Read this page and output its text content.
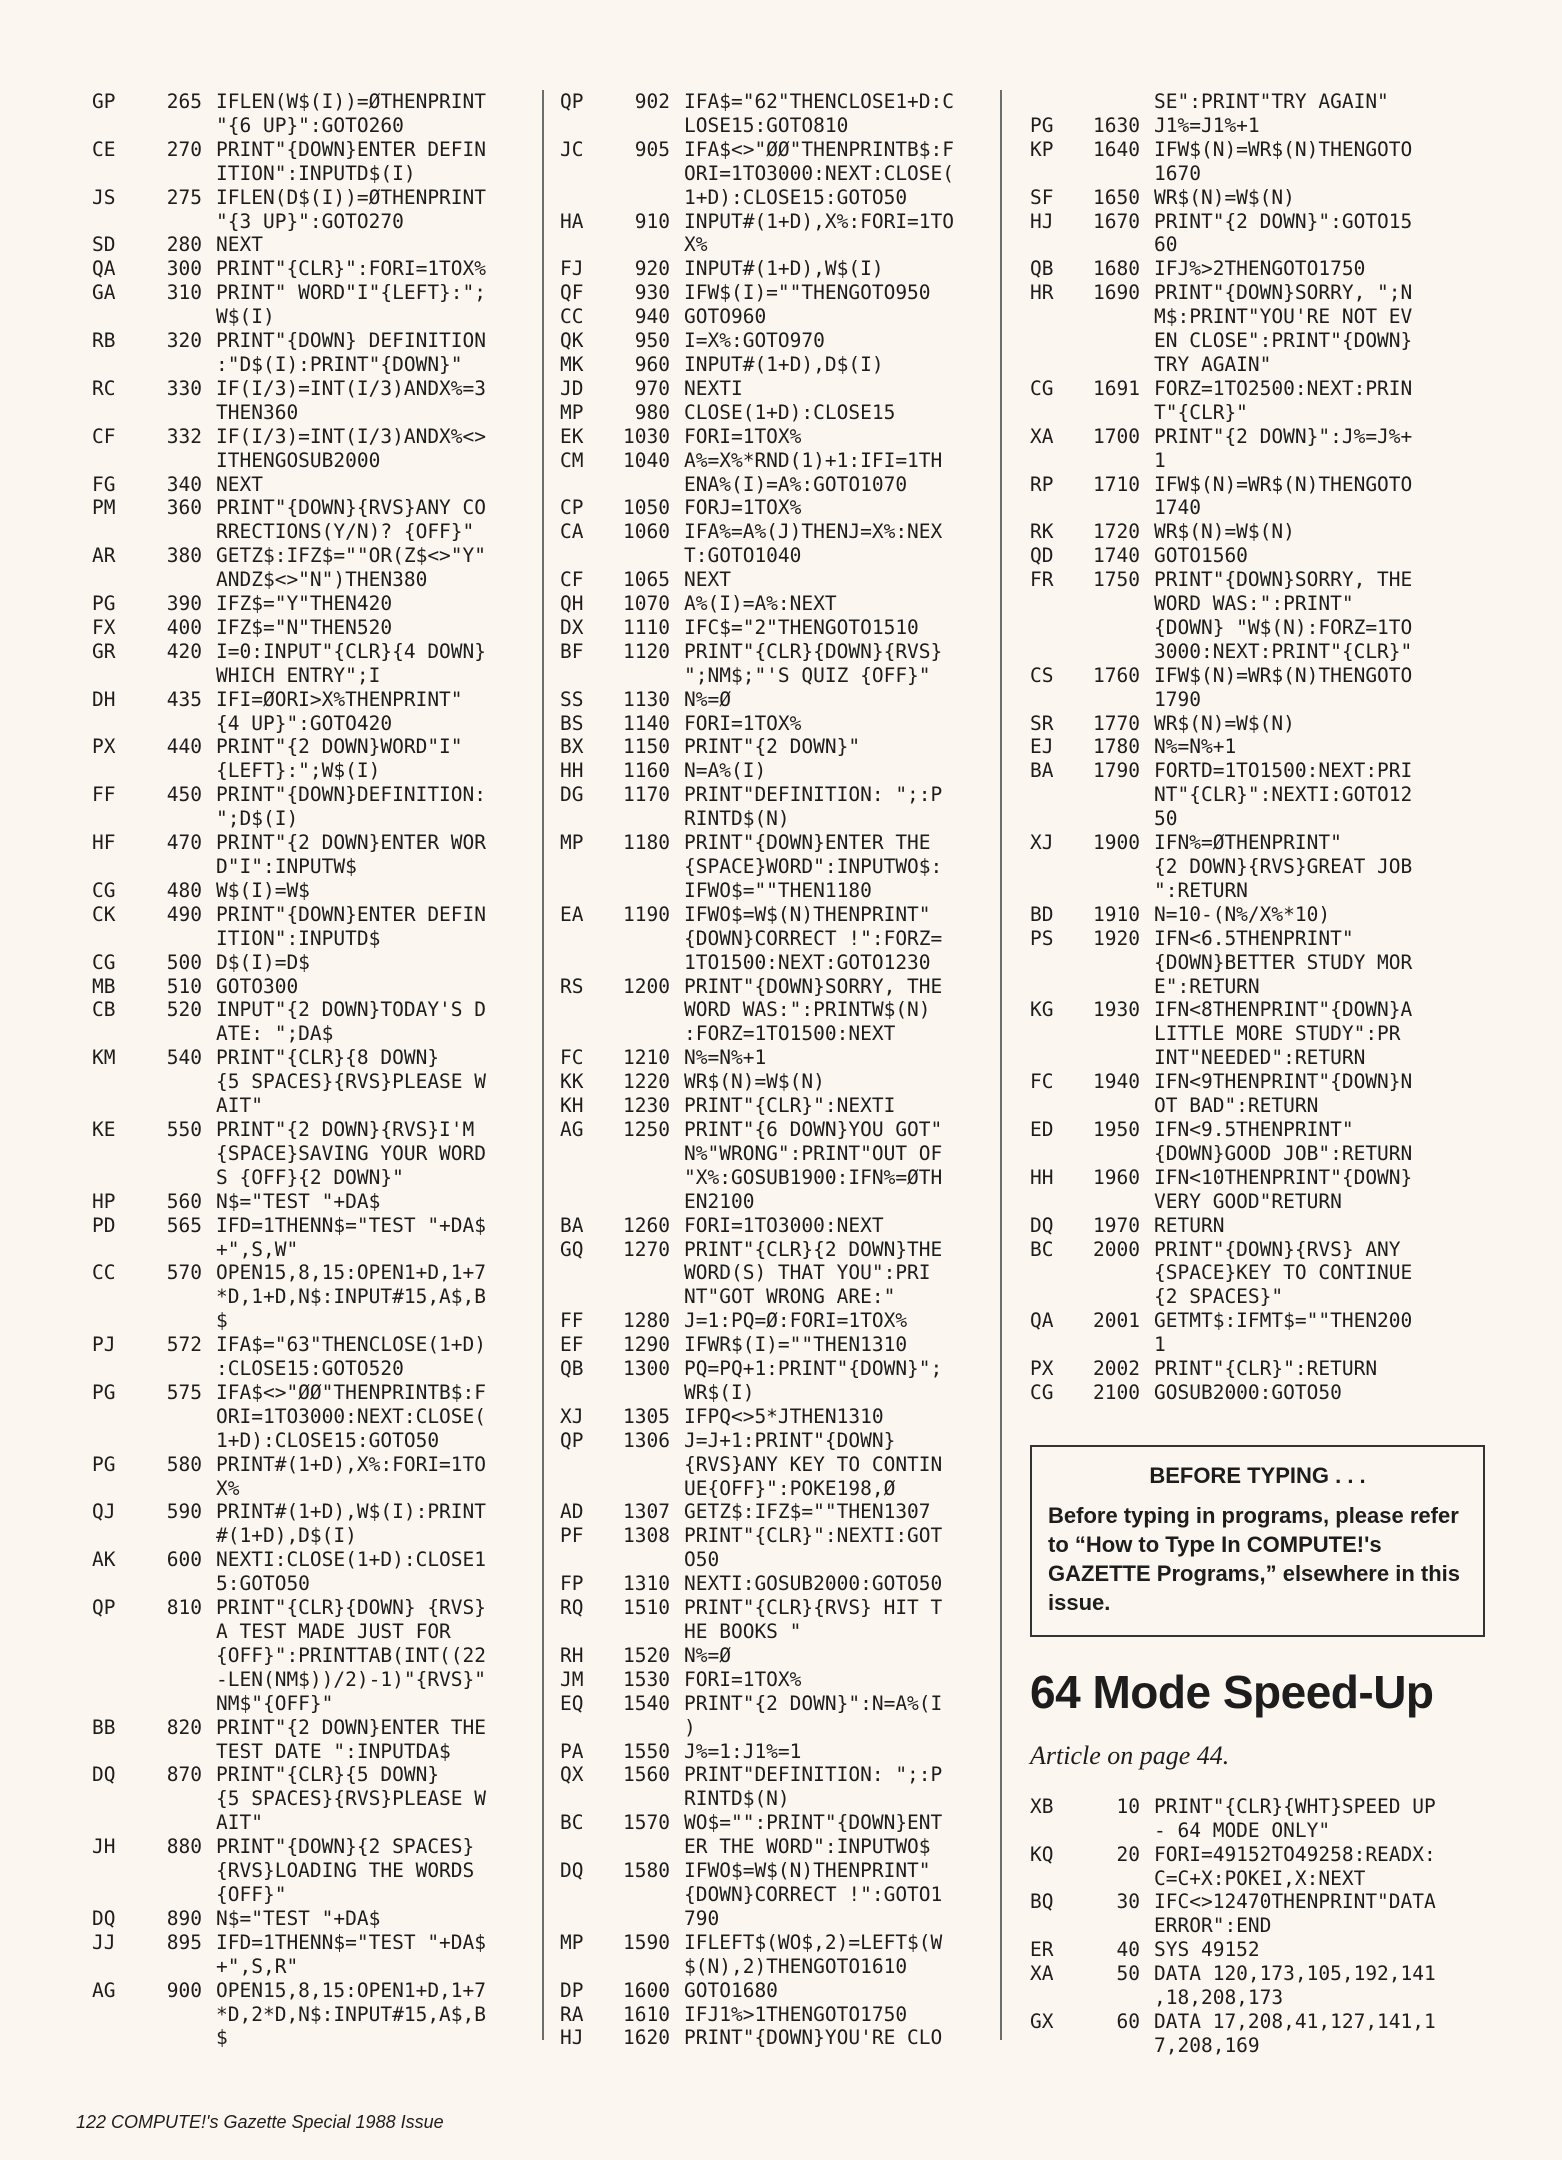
GP	265 IFLEN(W$(I))=ØTHENPRINT
"{6 UP}":GOTO260
CE	270 PRINT"{DOWN}ENTER DEFIN
ITION":INPUTD$(I)
JS	275 IFLEN(D$(I))=ØTHENPRINT
"{3 UP}":GOTO270
SD	280 NEXT
QA	300 PRINT"{CLR}":FORI=1TOX%
GA	310 PRINT" WORD"I"{LEFT}:";
W$(I)
RB	320 PRINT"{DOWN} DEFINITION
:"D$(I):PRINT"{DOWN}"
RC	330 IF(I/3)=INT(I/3)ANDX%=3
THEN360
CF	332 IF(I/3)=INT(I/3)ANDX%<>
ITHENGOSUB2000
FG	340 NEXT
PM	360 PRINT"{DOWN}{RVS}ANY CO
RRECTIONS(Y/N)? {OFF}"
AR	380 GETZ$:IFZ$=""OR(Z$<>"Y"
ANDZ$<>"N")THEN380
PG	390 IFZ$="Y"THEN420
FX	400 IFZ$="N"THEN520
GR	420 I=0:INPUT"{CLR}{4 DOWN}
WHICH ENTRY";I
DH	435 IFI=ØORI>X%THENPRINT"
{4 UP}":GOTO420
PX	440 PRINT"{2 DOWN}WORD"I"
{LEFT}:";W$(I)
FF	450 PRINT"{DOWN}DEFINITION:
";D$(I)
HF	470 PRINT"{2 DOWN}ENTER WOR
D"I":INPUTW$
CG	480 W$(I)=W$
CK	490 PRINT"{DOWN}ENTER DEFIN
ITION":INPUTD$
CG	500 D$(I)=D$
MB	510 GOTO300
CB	520 INPUT"{2 DOWN}TODAY'S D
ATE: ";DA$
KM	540 PRINT"{CLR}{8 DOWN}
{5 SPACES}{RVS}PLEASE W
AIT"
KE	550 PRINT"{2 DOWN}{RVS}I'M
{SPACE}SAVING YOUR WORD
S {OFF}{2 DOWN}"
HP	560 N$="TEST "+DA$
PD	565 IFD=1THENN$="TEST "+DA$
+",S,W"
CC	570 OPEN15,8,15:OPEN1+D,1+7
*D,1+D,N$:INPUT#15,A$,B
$
PJ	572 IFA$="63"THENCLOSE(1+D)
:CLOSE15:GOTO520
PG	575 IFA$<>"ØØ"THENPRINTB$:F
ORI=1TO3000:NEXT:CLOSE(
1+D):CLOSE15:GOTO50
PG	580 PRINT#(1+D),X%:FORI=1TO
X%
QJ	590 PRINT#(1+D),W$(I):PRINT
#(1+D),D$(I)
AK	600 NEXTI:CLOSE(1+D):CLOSE1
5:GOTO50
QP	810 PRINT"{CLR}{DOWN} {RVS}
A TEST MADE JUST FOR
{OFF}":PRINTTAB(INT((22
-LEN(NM$))/2)-1)"{RVS}"
NM$"{OFF}"
BB	820 PRINT"{2 DOWN}ENTER THE
TEST DATE ":INPUTDA$
DQ	870 PRINT"{CLR}{5 DOWN}
{5 SPACES}{RVS}PLEASE W
AIT"
JH	880 PRINT"{DOWN}{2 SPACES}
{RVS}LOADING THE WORDS
{OFF}"
DQ	890 N$="TEST "+DA$
JJ	895 IFD=1THENN$="TEST "+DA$
+",S,R"
AG	900 OPEN15,8,15:OPEN1+D,1+7
*D,2*D,N$:INPUT#15,A$,B
$
QP	902 IFA$="62"THENCLOSE1+D:C
LOSE15:GOTO810
JC	905 IFA$<>"ØØ"THENPRINTB$:F
ORI=1TO3000:NEXT:CLOSE(
1+D):CLOSE15:GOTO50
HA	910 INPUT#(1+D),X%:FORI=1TO
X%
FJ	920 INPUT#(1+D),W$(I)
QF	930 IFW$(I)=""THENGOTO950
CC	940 GOTO960
QK	950 I=X%:GOTO970
MK	960 INPUT#(1+D),D$(I)
JD	970 NEXTI
MP	980 CLOSE(1+D):CLOSE15
EK	1030 FORI=1TOX%
CM	1040 A%=X%*RND(1)+1:IFI=1TH
ENA%(I)=A%:GOTO1070
CP	1050 FORJ=1TOX%
CA	1060 IFA%=A%(J)THENJ=X%:NEX
T:GOTO1040
CF	1065 NEXT
QH	1070 A%(I)=A%:NEXT
DX	1110 IFC$="2"THENGOTO1510
BF	1120 PRINT"{CLR}{DOWN}{RVS}
";NM$;"'S QUIZ {OFF}"
SS	1130 N%=Ø
BS	1140 FORI=1TOX%
BX	1150 PRINT"{2 DOWN}"
HH	1160 N=A%(I)
DG	1170 PRINT"DEFINITION: ";:P
RINTD$(N)
MP	1180 PRINT"{DOWN}ENTER THE
{SPACE}WORD":INPUTWO$:
IFWO$=""THEN1180
EA	1190 IFWO$=W$(N)THENPRINT"
{DOWN}CORRECT !":FORZ=
1TO1500:NEXT:GOTO1230
RS	1200 PRINT"{DOWN}SORRY, THE
WORD WAS:":PRINTW$(N)
:FORZ=1TO1500:NEXT
FC	1210 N%=N%+1
KK	1220 WR$(N)=W$(N)
KH	1230 PRINT"{CLR}":NEXTI
AG	1250 PRINT"{6 DOWN}YOU GOT"
N%"WRONG":PRINT"OUT OF
"X%:GOSUB1900:IFN%=ØTH
EN2100
BA	1260 FORI=1TO3000:NEXT
GQ	1270 PRINT"{CLR}{2 DOWN}THE
WORD(S) THAT YOU":PRI
NT"GOT WRONG ARE:"
FF	1280 J=1:PQ=Ø:FORI=1TOX%
EF	1290 IFWR$(I)=""THEN1310
QB	1300 PQ=PQ+1:PRINT"{DOWN}";
WR$(I)
XJ	1305 IFPQ<>5*JTHEN1310
QP	1306 J=J+1:PRINT"{DOWN}
{RVS}ANY KEY TO CONTIN
UE{OFF}":POKE198,Ø
AD	1307 GETZ$:IFZ$=""THEN1307
PF	1308 PRINT"{CLR}":NEXTI:GOT
O50
FP	1310 NEXTI:GOSUB2000:GOTO50
RQ	1510 PRINT"{CLR}{RVS} HIT T
HE BOOKS "
RH	1520 N%=Ø
JM	1530 FORI=1TOX%
EQ	1540 PRINT"{2 DOWN}":N=A%(I
)
PA	1550 J%=1:J1%=1
QX	1560 PRINT"DEFINITION: ";:P
RINTD$(N)
BC	1570 WO$="":PRINT"{DOWN}ENT
ER THE WORD":INPUTWO$
DQ	1580 IFWO$=W$(N)THENPRINT"
{DOWN}CORRECT !":GOTO1
790
MP	1590 IFLEFT$(WO$,2)=LEFT$(W
$(N),2)THENGOTO1610
DP	1600 GOTO1680
RA	1610 IFJ1%>1THENGOTO1750
HJ	1620 PRINT"{DOWN}YOU'RE CLO
SE":PRINT"TRY AGAIN"
PG	1630 J1%=J1%+1
KP	1640 IFW$(N)=WR$(N)THENGOTO
1670
SF	1650 WR$(N)=W$(N)
HJ	1670 PRINT"{2 DOWN}":GOTO15
60
QB	1680 IFJ%>2THENGOTO1750
HR	1690 PRINT"{DOWN}SORRY, ";N
M$:PRINT"YOU'RE NOT EV
EN CLOSE":PRINT"{DOWN}
TRY AGAIN"
CG	1691 FORZ=1TO2500:NEXT:PRIN
T"{CLR}"
XA	1700 PRINT"{2 DOWN}":J%=J%+
1
RP	1710 IFW$(N)=WR$(N)THENGOTO
1740
RK	1720 WR$(N)=W$(N)
QD	1740 GOTO1560
FR	1750 PRINT"{DOWN}SORRY, THE
WORD WAS:":PRINT"
{DOWN} "W$(N):FORZ=1TO
3000:NEXT:PRINT"{CLR}"
CS	1760 IFW$(N)=WR$(N)THENGOTO
1790
SR	1770 WR$(N)=W$(N)
EJ	1780 N%=N%+1
BA	1790 FORTD=1TO1500:NEXT:PRI
NT"{CLR}":NEXTI:GOTO12
50
XJ	1900 IFN%=ØTHENPRINT"
{2 DOWN}{RVS}GREAT JOB
":RETURN
BD	1910 N=10-(N%/X%*10)
PS	1920 IFN<6.5THENPRINT"
{DOWN}BETTER STUDY MOR
E":RETURN
KG	1930 IFN<8THENPRINT"{DOWN}A
LITTLE MORE STUDY":PR
INT"NEEDED":RETURN
FC	1940 IFN<9THENPRINT"{DOWN}N
OT BAD":RETURN
ED	1950 IFN<9.5THENPRINT"
{DOWN}GOOD JOB":RETURN
HH	1960 IFN<10THENPRINT"{DOWN}
VERY GOOD"RETURN
DQ	1970 RETURN
BC	2000 PRINT"{DOWN}{RVS} ANY
{SPACE}KEY TO CONTINUE
{2 SPACES}"
QA	2001 GETMT$:IFMT$=""THEN200
1
PX	2002 PRINT"{CLR}":RETURN
CG	2100 GOSUB2000:GOTO50
BEFORE TYPING . . .

Before typing in programs, please refer to “How to Type In COMPUTE!'s GAZETTE Programs,” elsewhere in this issue.

64 Mode Speed-Up
Article on page 44.
XB	10 PRINT"{CLR}{WHT}SPEED UP
- 64 MODE ONLY"
KQ	20 FORI=49152TO49258:READX:
C=C+X:POKEI,X:NEXT
BQ	30 IFC<>12470THENPRINT"DATA
ERROR":END
ER	40 SYS 49152
XA	50 DATA 120,173,105,192,141
,18,208,173
GX	60 DATA 17,208,41,127,141,1
7,208,169
122 COMPUTE!'s Gazette Special 1988 Issue
